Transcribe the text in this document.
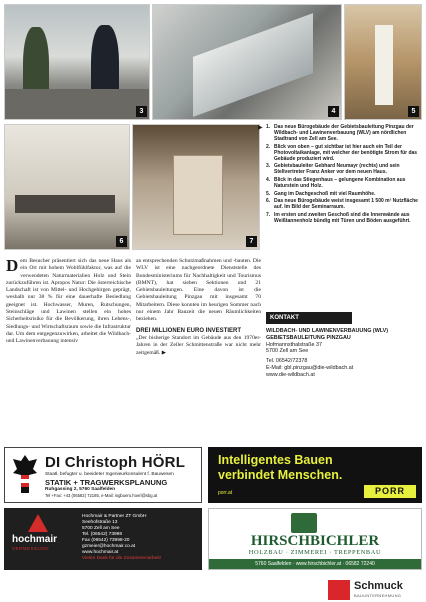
3	4	5
6	7
▶ 1. Das neue Bürogebäude der Gebietsbauleitung Pinzgau der Wildbach- und Lawinenverbauung (WLV) am nördlichen Stadtrand von Zell am See.
2. Blick von oben – gut sichtbar ist hier auch ein Teil der Photovoltaikanlage, mit welcher der benötigte Strom für das Gebäude produziert wird.
3. Gebietsbauleiter Gebhard Neumayr (rechts) und sein Stellvertreter Franz Anker vor dem neuen Haus.
4. Blick in das Stiegenhaus – gelungene Kombination aus Naturstein und Holz.
5. Gang im Dachgeschoß mit viel Raumhöhe.
6. Das neue Bürogebäude weist insgesamt 1 500 m² Nutzfläche auf. Im Bild der Seminarraum.
7. Im ersten und zweiten Geschoß sind die Innenwände aus Weißtannenholz bündig mit Türen und Böden ausgeführt.
Dem Besucher präsentiert sich das neue Haus als ein Ort mit hohem Wohlfühlfaktor, was auf die verwendeten Naturmaterialien Holz und Stein zurückzuführen ist. Apropos Natur: Die österreichische Landschaft ist von Mittel- und Hochgebirgen geprägt, weshalb nur 38 % für eine dauerhafte Besiedlung geeignet ist. Hochwasser, Muren, Rutschungen, Steinschläge und Lawinen stellen ein hohes Sicherheitsrisiko für die Bevölkerung, ihren Lebens-, Siedlungs- und Wirtschaftsraum sowie die Infrastruktur dar. Um dem entgegenzuwirken, arbeitet die Wildbach- und Lawinenverbauung intensiv
an entsprechenden Schutzmaßnahmen und -bauten. Die WLV ist eine nachgeordnete Dienststelle des Bundesministeriums für Nachhaltigkeit und Tourismus (BMNT), hat sieben Sektionen und 21 Gebietsbauleitungen. Eine davon ist die Gebietsbauleitung Pinzgau mit insgesamt 70 Mitarbeitern. Diese konnten im heurigen Sommer nach nur einem Jahr Bauzeit die neuen Räumlichkeiten beziehen.
DREI MILLIONEN EURO INVESTIERT
„Der bisherige Standort im Gebäude aus den 1970er-Jahren in der Zeller Schmittenstraße war nicht mehr zeitgemäß. ▶
KONTAKT
WILDBACH- UND LAWINENVERBAUUNG (WLV) GEBIETSBAULEITUNG PINZGAU
Hofmannsthalstraße 37
5700 Zell am See
Tel. 06542/72378
E-Mail: gbl.pinzgau@die-wildbach.at
www.die-wildbach.at
DI Christoph HÖRL
Staatl. befugter u. beeideter Ingenieurkonsulent f. Bauwesen
STATIK + TRAGWERKSPLANUNG
Ruhgassing 2, 5760 Saalfelden
Tel +Fax: +43 (06582) 72185, e-Mail: ingbuero.hoerl@sbg.at
Intelligentes Bauen
verbindet Menschen.
porr.at	PORR
hochmair
VERMESSUNG
Hochmair & Partner ZT GmbH
Seehofstraße 13
5700 Zell am See
Tel. (06542) 73998
Fax (06542) 73998-20
gzmeier@hochmair.co.at
www.hochmair.at
Vielen Dank für die Zusammenarbeit!
HIRSCHBICHLER
HOLZBAU · ZIMMEREI · TREPPENBAU
5760 Saalfelden · www.hirschbichler.at · 06582 72240
Schmuck
BAUUNTERNEHMUNG
